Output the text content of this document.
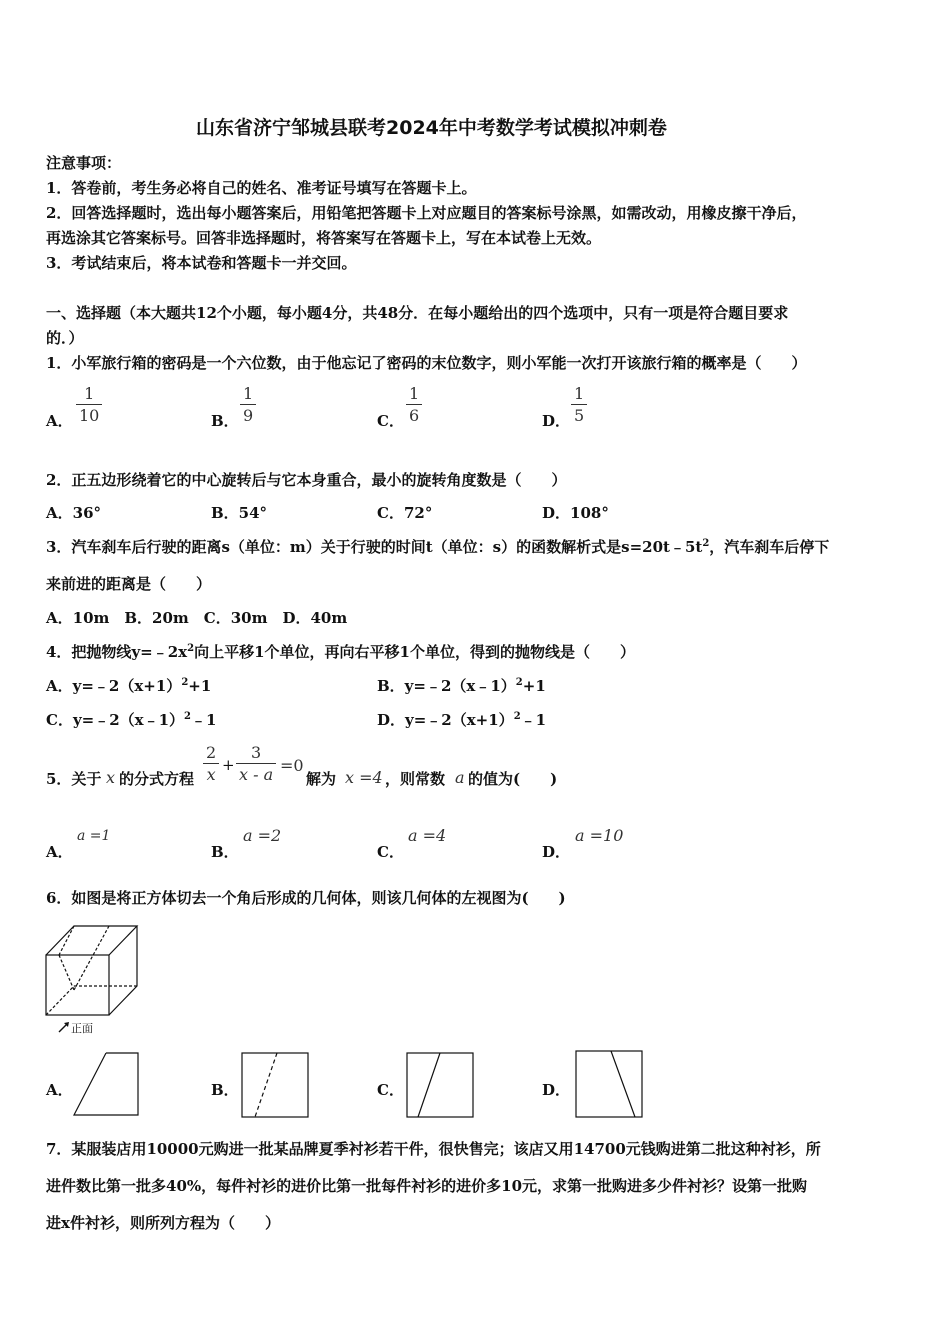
山东省济宁邹城县联考2024年中考数学考试模拟冲刺卷
注意事项：
1．答卷前，考生务必将自己的姓名、准考证号填写在答题卡上。
2．回答选择题时，选出每小题答案后，用铅笔把答题卡上对应题目的答案标号涂黑，如需改动，用橡皮擦干净后，
再选涂其它答案标号。回答非选择题时，将答案写在答题卡上，写在本试卷上无效。
3．考试结束后，将本试卷和答题卡一并交回。
一、选择题（本大题共12个小题，每小题4分，共48分．在每小题给出的四个选项中，只有一项是符合题目要求
的．）
1．小军旅行箱的密码是一个六位数，由于他忘记了密码的末位数字，则小军能一次打开该旅行箱的概率是（　　）
A．
1
10	B．
1
9	C．
1
6	D．
1
5
2．正五边形绕着它的中心旋转后与它本身重合，最小的旋转角度数是（　　）
A．36°	B．54°	C．72°	D．108°
3．汽车刹车后行驶的距离s（单位：m）关于行驶的时间t（单位：s）的函数解析式是$s=20t﹣5t^2$，汽车刹车后停下
来前进的距离是（　　）
A．10m　B．20m　C．30m　D．40m
4．把抛物线$y=﹣2x^2$向上平移1个单位，再向右平移1个单位，得到的抛物线是（　　）
A．$y=﹣2(x+1)^2+1$	B．y=﹣2（x﹣1）$^2$+1
C．y=﹣2（x﹣1）$^2$﹣1	D．$y=﹣2(x+1)^2﹣1$
5．关于 x 的分式方程
2
x +
3
x - a =0
解为 x =4 ，则常数 a 的值为(　　)
A．
a =1
B．
a =2
C．
a =4
D．
a =10
6．如图是将正方体切去一个角后形成的几何体，则该几何体的左视图为(　　)
正面
A．	B．	C．	D．
7．某服装店用10000元购进一批某品牌夏季衬衫若干件，很快售完；该店又用14700元钱购进第二批这种衬衫，所
进件数比第一批多40%，每件衬衫的进价比第一批每件衬衫的进价多10元，求第一批购进多少件衬衫？设第一批购
进x件衬衫，则所列方程为（　　）
